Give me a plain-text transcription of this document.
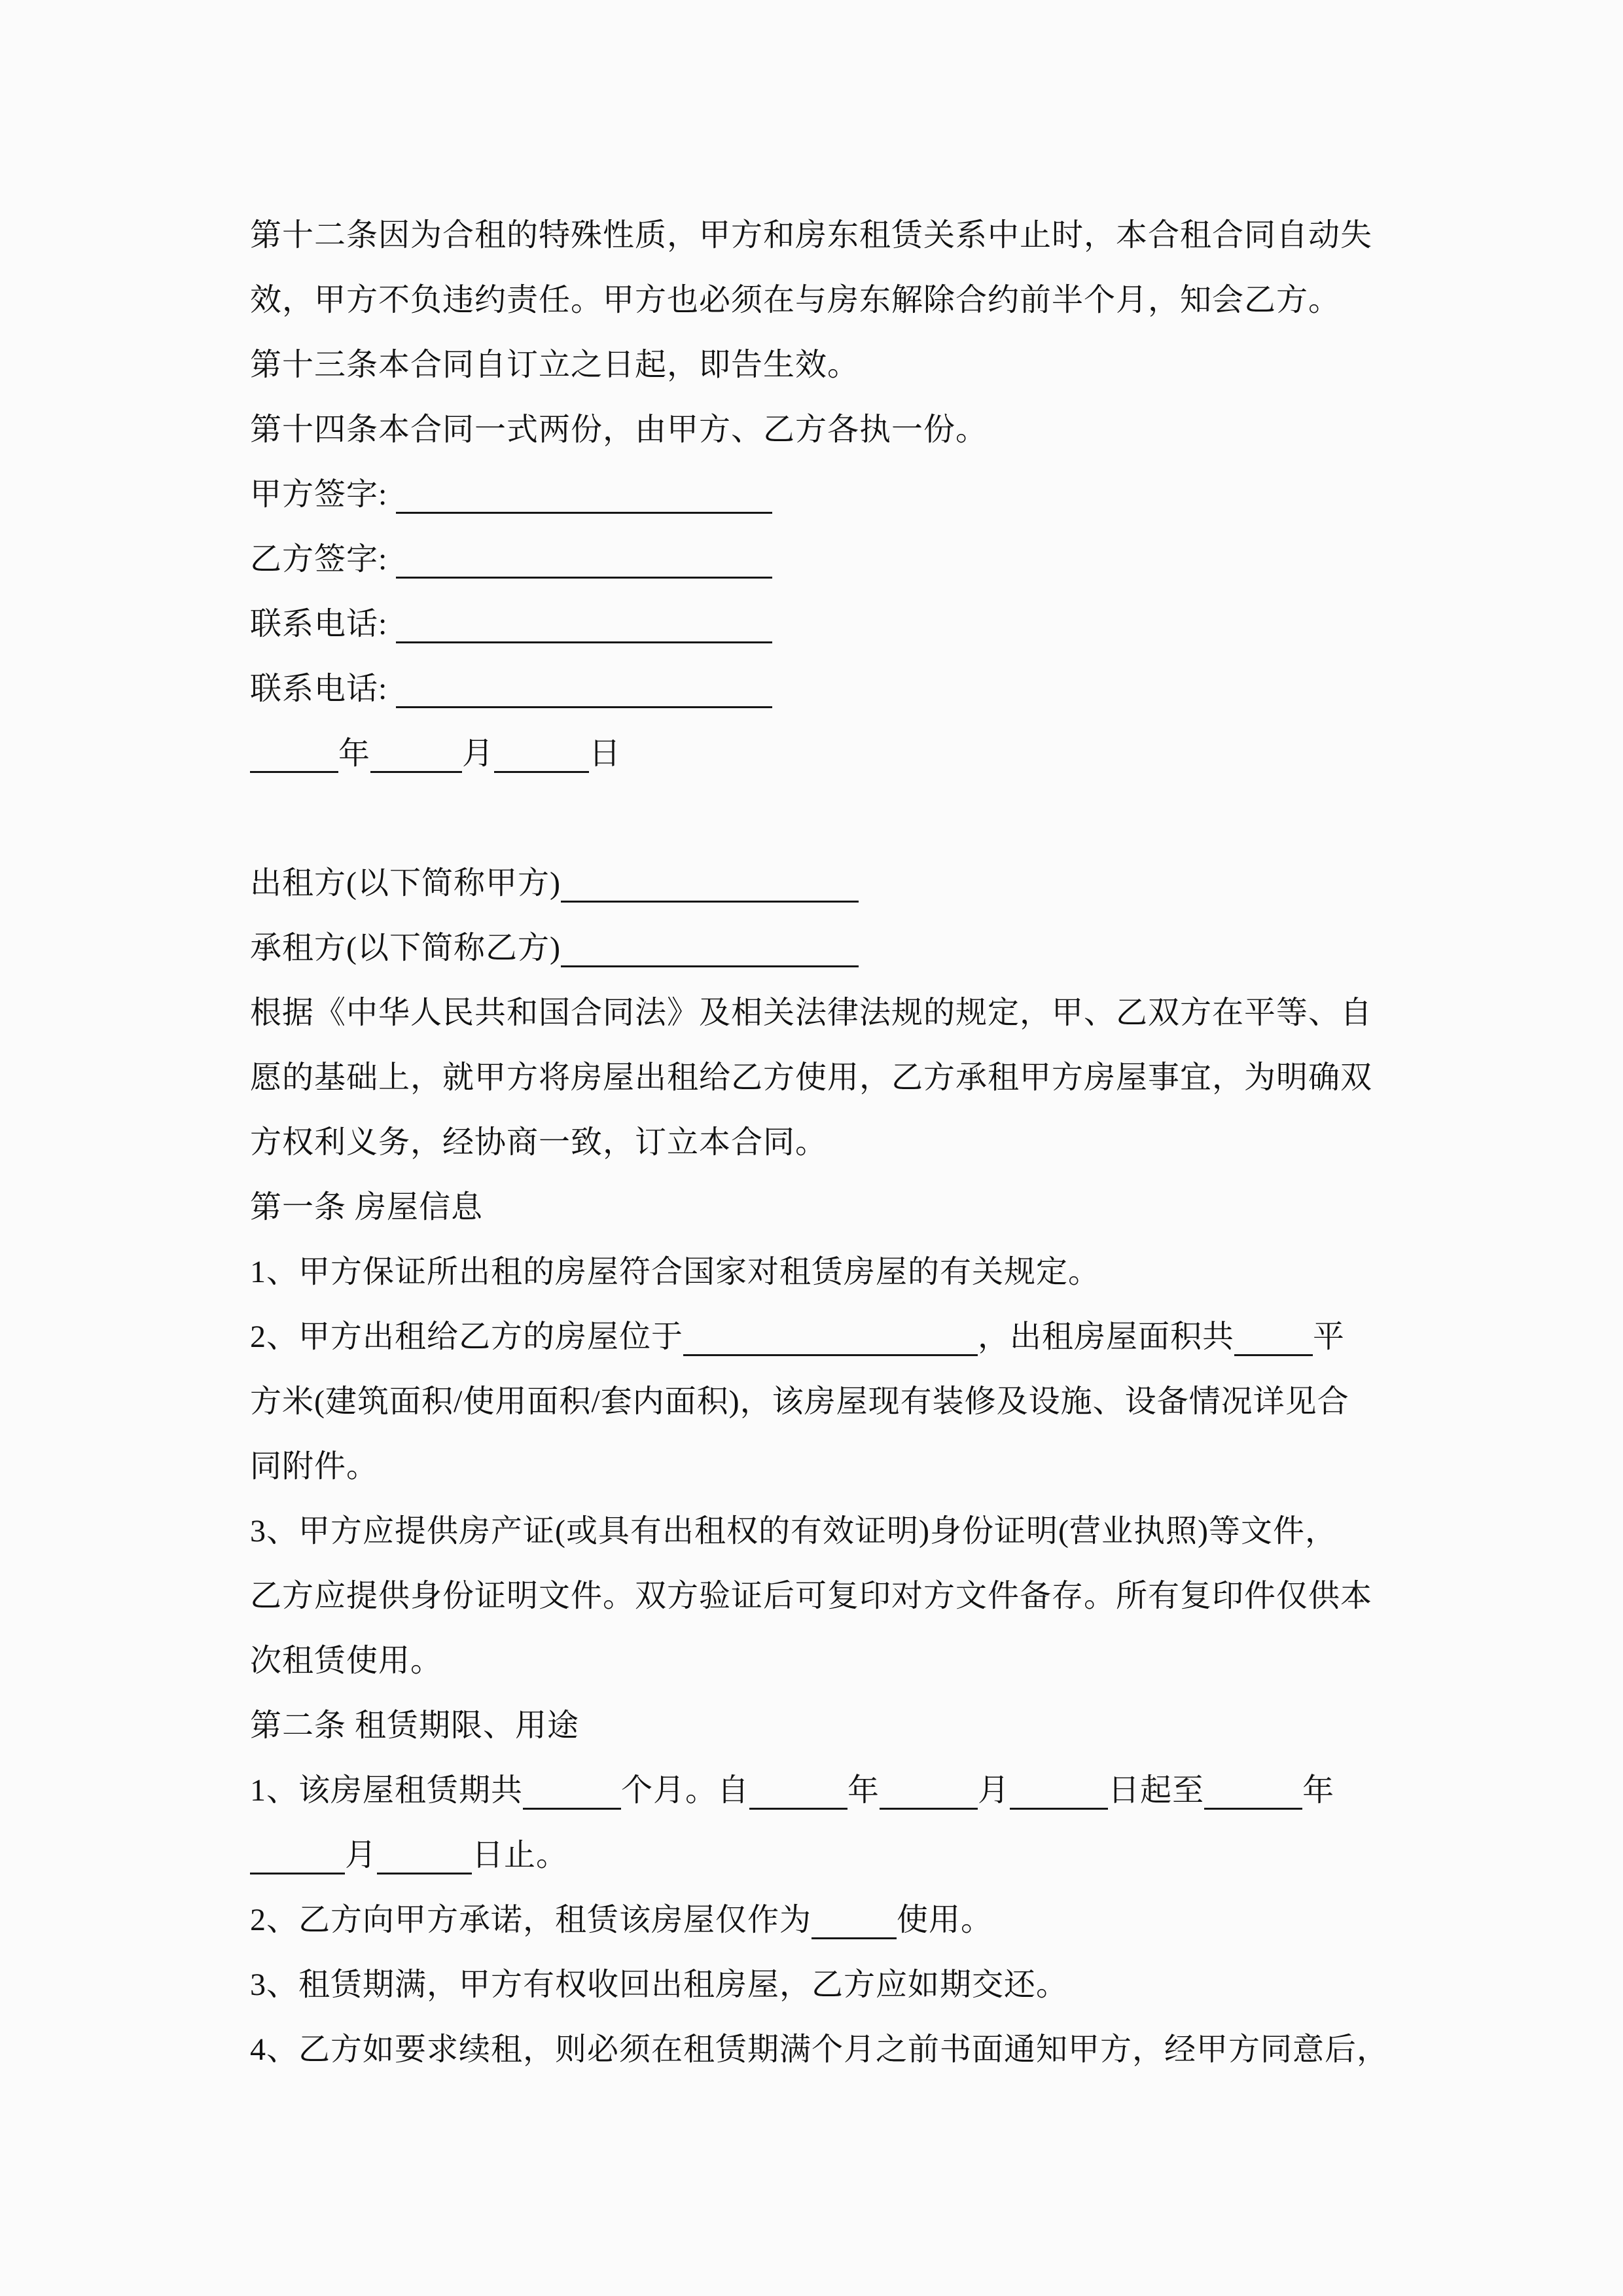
第十二条因为合租的特殊性质，甲方和房东租赁关系中止时，本合租合同自动失
效，甲方不负违约责任。甲方也必须在与房东解除合约前半个月，知会乙方。
第十三条本合同自订立之日起，即告生效。
第十四条本合同一式两份，由甲方、乙方各执一份。
甲方签字:
乙方签字:
联系电话:
联系电话:
年	月	日
出租方(以下简称甲方)
承租方(以下简称乙方)
根据《中华人民共和国合同法》及相关法律法规的规定，甲、乙双方在平等、自
愿的基础上，就甲方将房屋出租给乙方使用，乙方承租甲方房屋事宜，为明确双
方权利义务，经协商一致，订立本合同。
第一条 房屋信息
1、甲方保证所出租的房屋符合国家对租赁房屋的有关规定。
2、甲方出租给乙方的房屋位于	，出租房屋面积共	平
方米(建筑面积/使用面积/套内面积)，该房屋现有装修及设施、设备情况详见合
同附件。
3、甲方应提供房产证(或具有出租权的有效证明)身份证明(营业执照)等文件，
乙方应提供身份证明文件。双方验证后可复印对方文件备存。所有复印件仅供本
次租赁使用。
第二条 租赁期限、用途
1、该房屋租赁期共	个月。自	年	月	日起至	年
月	日止。
2、乙方向甲方承诺，租赁该房屋仅作为	使用。
3、租赁期满，甲方有权收回出租房屋，乙方应如期交还。
4、乙方如要求续租，则必须在租赁期满个月之前书面通知甲方，经甲方同意后，
